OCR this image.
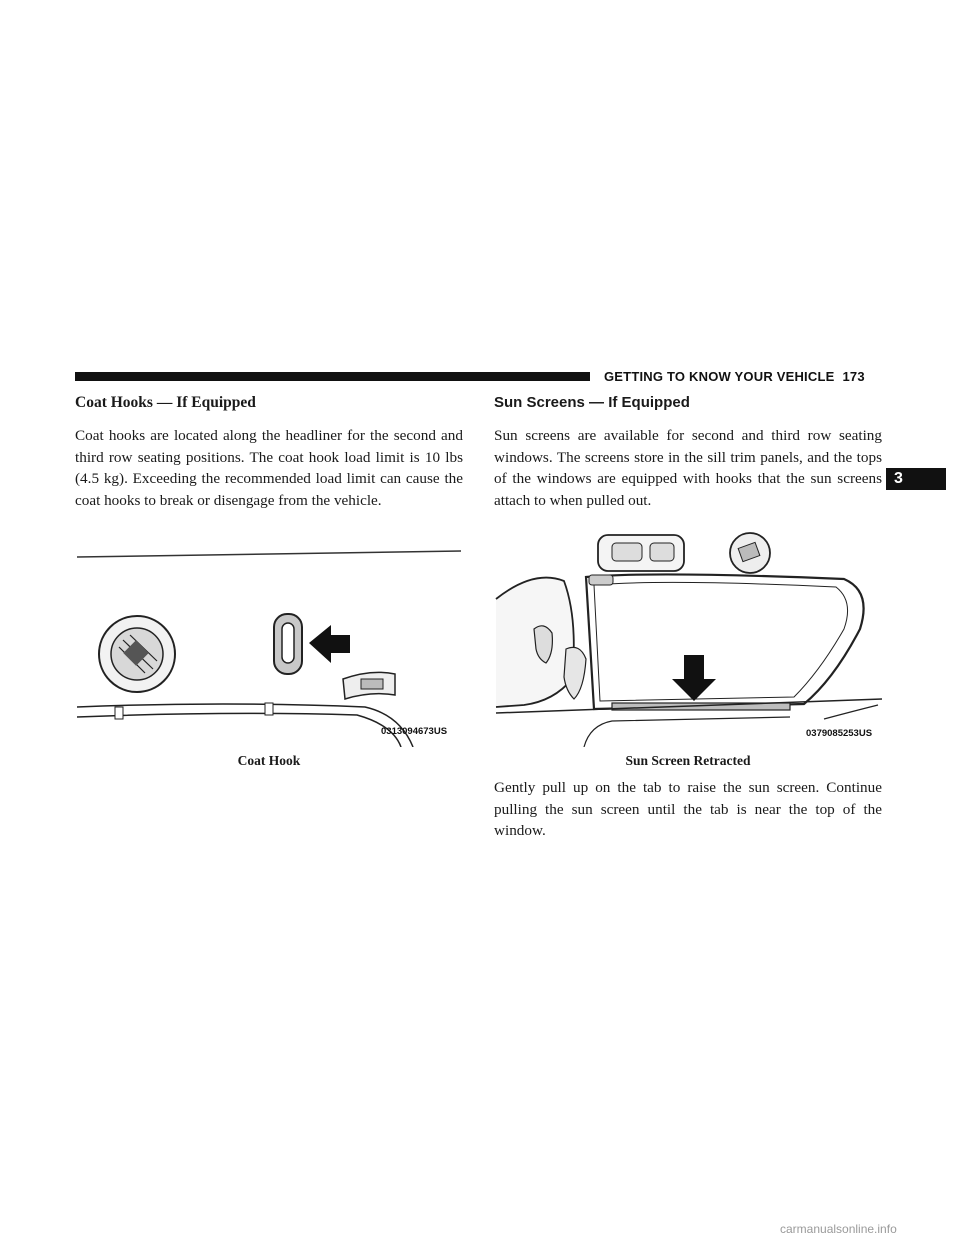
GETTING TO KNOW YOUR VEHICLE 173
3
Coat Hooks — If Equipped

Coat hooks are located along the headliner for the second and third row seating positions. The coat hook load limit is 10 lbs (4.5 kg). Exceeding the recommended load limit can cause the coat hooks to break or disengage from the vehicle.

0313094673US
Coat Hook
Sun Screens — If Equipped

Sun screens are available for second and third row seating windows. The screens store in the sill trim panels, and the tops of the windows are equipped with hooks that the sun screens attach to when pulled out.

0379085253US
Sun Screen Retracted

Gently pull up on the tab to raise the sun screen. Continue pulling the sun screen until the tab is near the top of the window.

carmanualsonline.info
